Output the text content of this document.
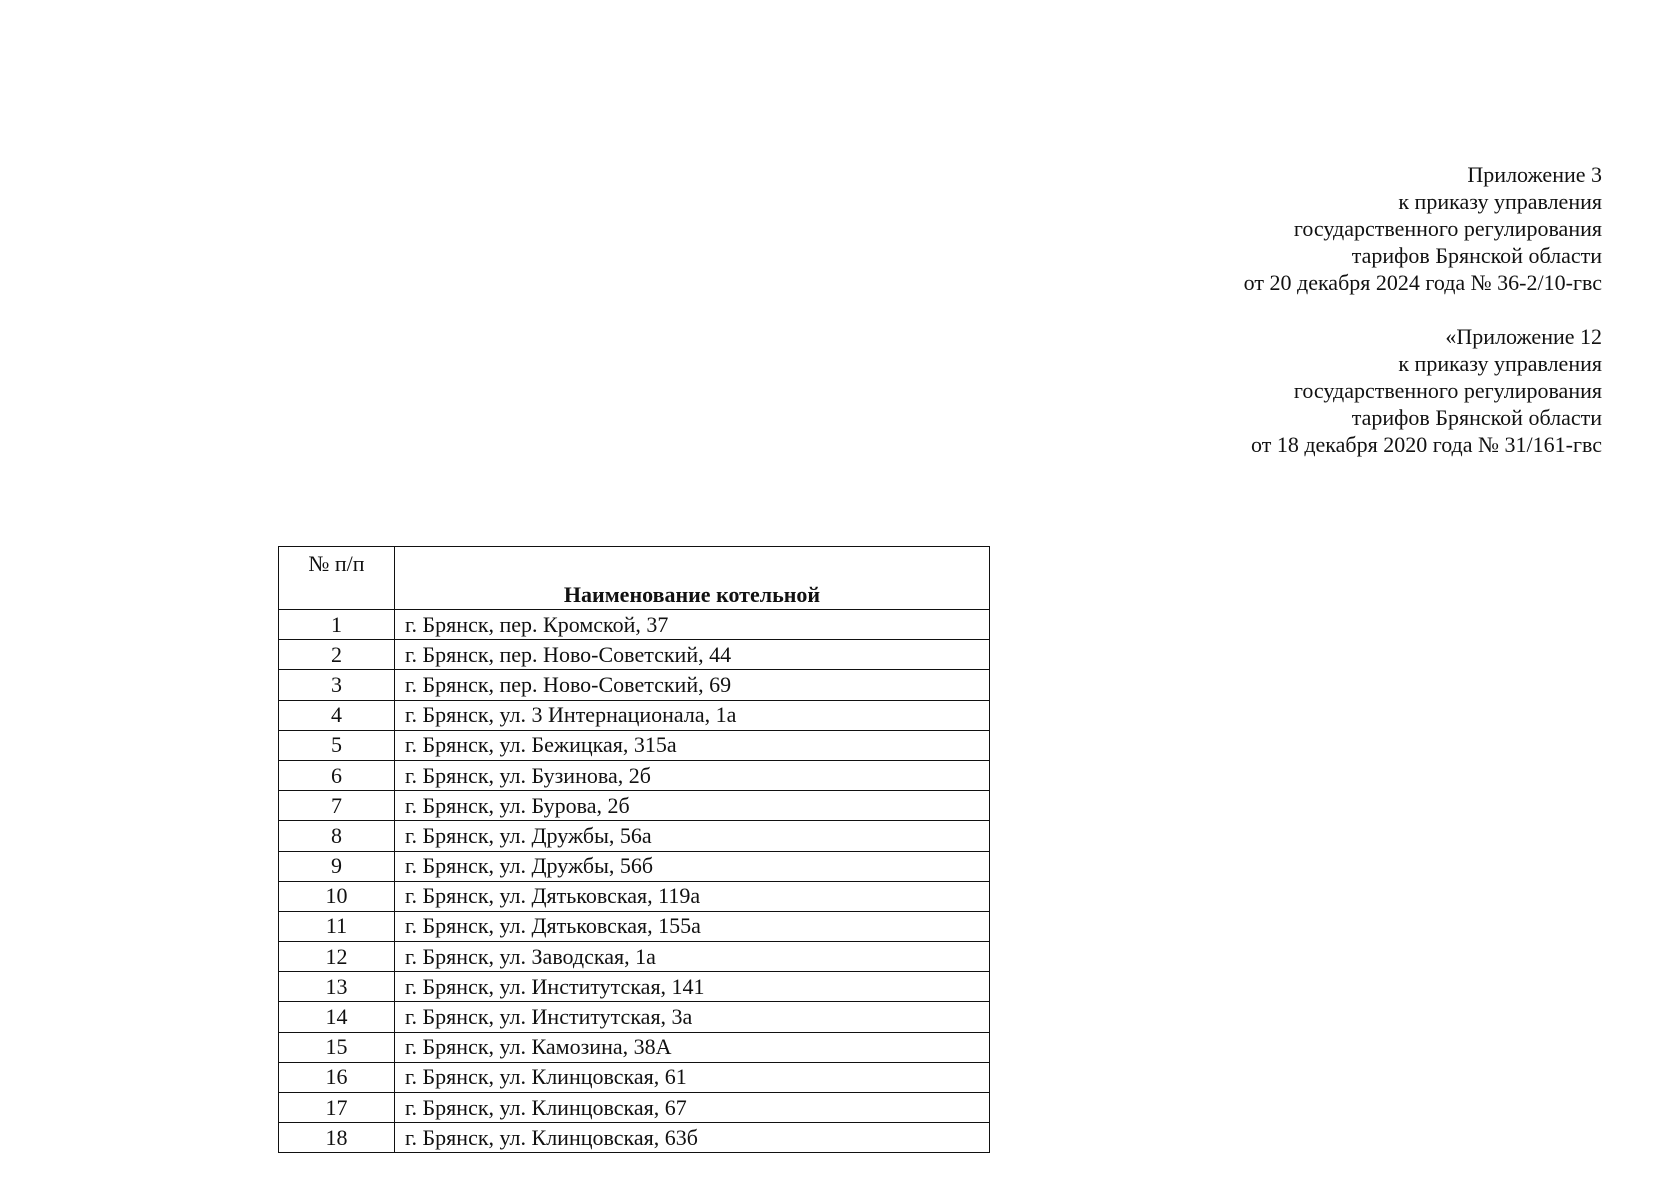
Приложение 3
к приказу управления
государственного регулирования
тарифов Брянской области
от 20 декабря 2024 года № 36-2/10-гвс
«Приложение 12
к приказу управления
государственного регулирования
тарифов Брянской области
от 18 декабря 2020 года № 31/161-гвс
№ п/п	Наименование котельной
1	г. Брянск, пер. Кромской, 37
2	г. Брянск, пер. Ново-Советский, 44
3	г. Брянск, пер. Ново-Советский, 69
4	г. Брянск, ул. 3 Интернационала, 1а
5	г. Брянск, ул. Бежицкая, 315а
6	г. Брянск, ул. Бузинова, 2б
7	г. Брянск, ул. Бурова, 2б
8	г. Брянск, ул. Дружбы, 56а
9	г. Брянск, ул. Дружбы, 56б
10	г. Брянск, ул. Дятьковская, 119а
11	г. Брянск, ул. Дятьковская, 155а
12	г. Брянск, ул. Заводская, 1а
13	г. Брянск, ул. Институтская, 141
14	г. Брянск, ул. Институтская, 3а
15	г. Брянск, ул. Камозина, 38А
16	г. Брянск, ул. Клинцовская, 61
17	г. Брянск, ул. Клинцовская, 67
18	г. Брянск, ул. Клинцовская, 63б
